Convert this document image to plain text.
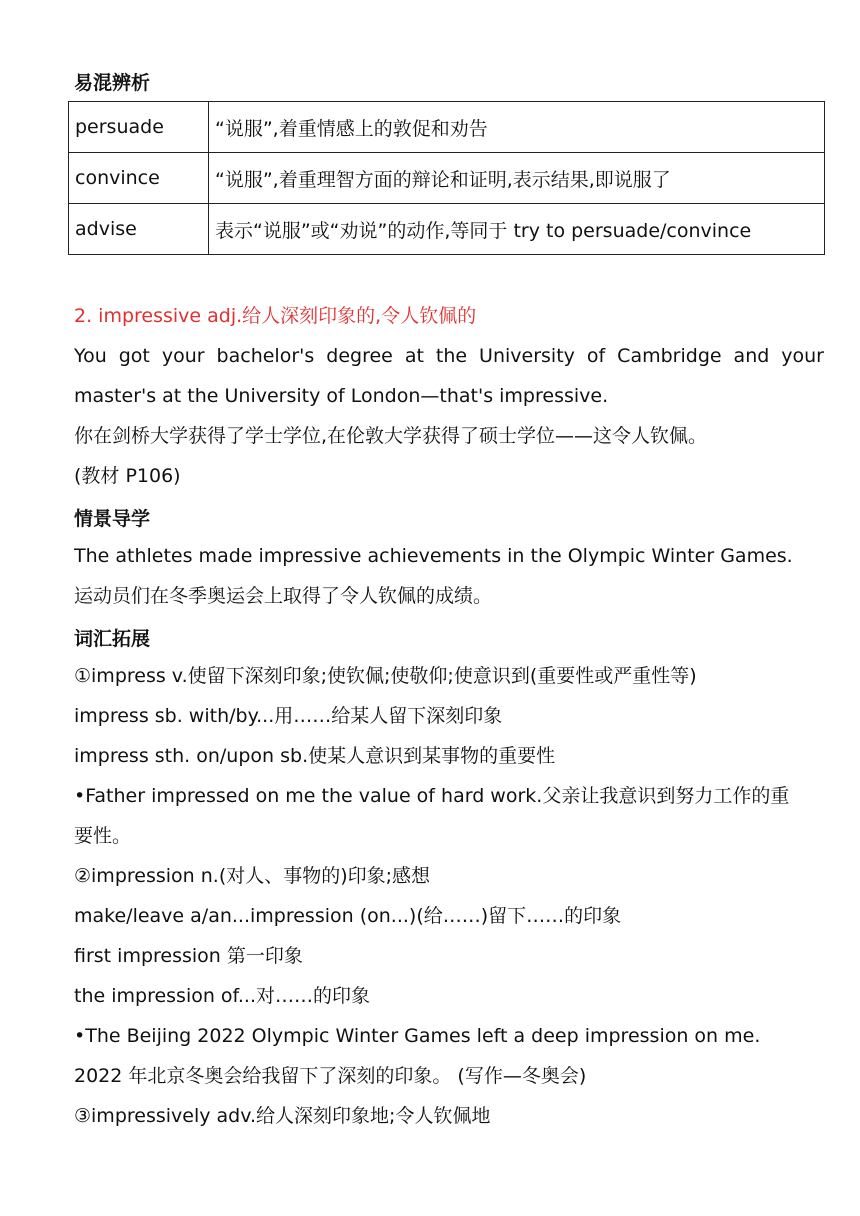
易混辨析
persuade	“说服”,着重情感上的敦促和劝告
convince	“说服”,着重理智方面的辩论和证明,表示结果,即说服了
advise	表示“说服”或“劝说”的动作,等同于 try to persuade/convince
2. impressive adj.给人深刻印象的,令人钦佩的
You got your bachelor's degree at the University of Cambridge and your
master's at the University of London—that's impressive.
你在剑桥大学获得了学士学位,在伦敦大学获得了硕士学位——这令人钦佩。
(教材 P106)
情景导学
The athletes made impressive achievements in the Olympic Winter Games.
运动员们在冬季奥运会上取得了令人钦佩的成绩。
词汇拓展
①impress v.使留下深刻印象;使钦佩;使敬仰;使意识到(重要性或严重性等)
impress sb. with/by...用……给某人留下深刻印象
impress sth. on/upon sb.使某人意识到某事物的重要性
•Father impressed on me the value of hard work.父亲让我意识到努力工作的重
要性。
②impression n.(对人、事物的)印象;感想
make/leave a/an...impression (on...)(给……)留下……的印象
first impression 第一印象
the impression of...对……的印象
•The Beijing 2022 Olympic Winter Games left a deep impression on me.
2022 年北京冬奥会给我留下了深刻的印象。 (写作—冬奥会)
③impressively adv.给人深刻印象地;令人钦佩地
